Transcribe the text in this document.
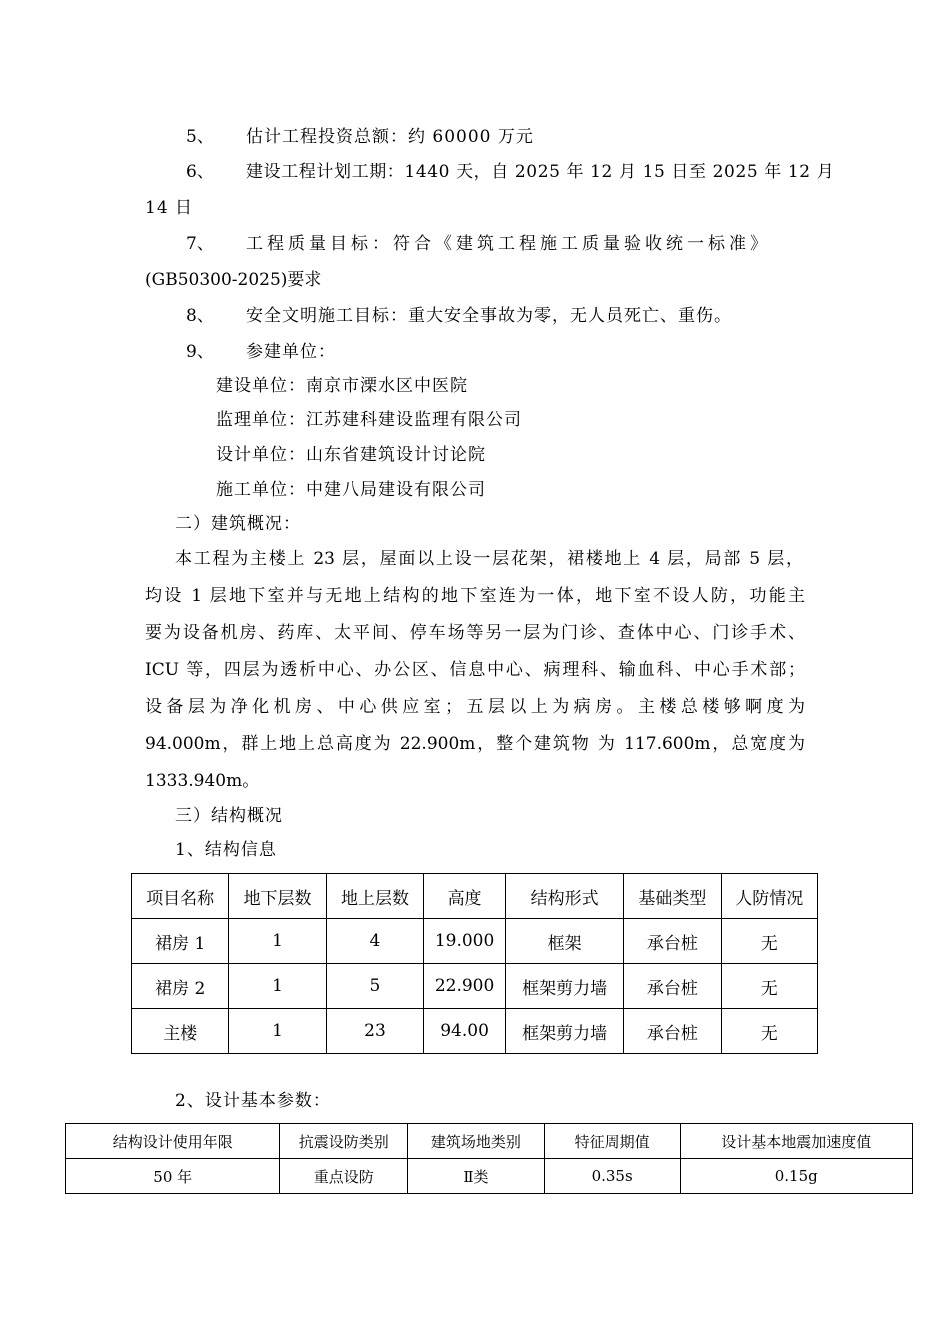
5、 估计工程投资总额：约 60000 万元
6、 建设工程计划工期：1440 天，自 2025 年 12 月 15 日至 2025 年 12 月
14 日
7、 工程质量目标：符合《建筑工程施工质量验收统一标准》
(GB50300-2025)要求
8、 安全文明施工目标：重大安全事故为零，无人员死亡、重伤。
9、 参建单位：
建设单位：南京市溧水区中医院
监理单位：江苏建科建设监理有限公司
设计单位：山东省建筑设计讨论院
施工单位：中建八局建设有限公司
二）建筑概况：
本工程为主楼上 23 层，屋面以上设一层花架，裙楼地上 4 层，局部 5 层，
均设 1 层地下室并与无地上结构的地下室连为一体，地下室不设人防，功能主
要为设备机房、药库、太平间、停车场等另一层为门诊、查体中心、门诊手术、
ICU 等，四层为透析中心、办公区、信息中心、病理科、输血科、中心手术部；
设备层为净化机房、中心供应室；五层以上为病房。主楼总楼够啊度为
94.000m，群上地上总高度为 22.900m，整个建筑物 为 117.600m，总宽度为
1333.940m。
三）结构概况
1、结构信息
项目名称	地下层数	地上层数	高度	结构形式	基础类型	人防情况
裙房 1	1	4	19.000	框架	承台桩	无
裙房 2	1	5	22.900	框架剪力墙	承台桩	无
主楼	1	23	94.00	框架剪力墙	承台桩	无
2、设计基本参数：
结构设计使用年限	抗震设防类别	建筑场地类别	特征周期值	设计基本地震加速度值
50 年	重点设防	Ⅱ类	0.35s	0.15g
